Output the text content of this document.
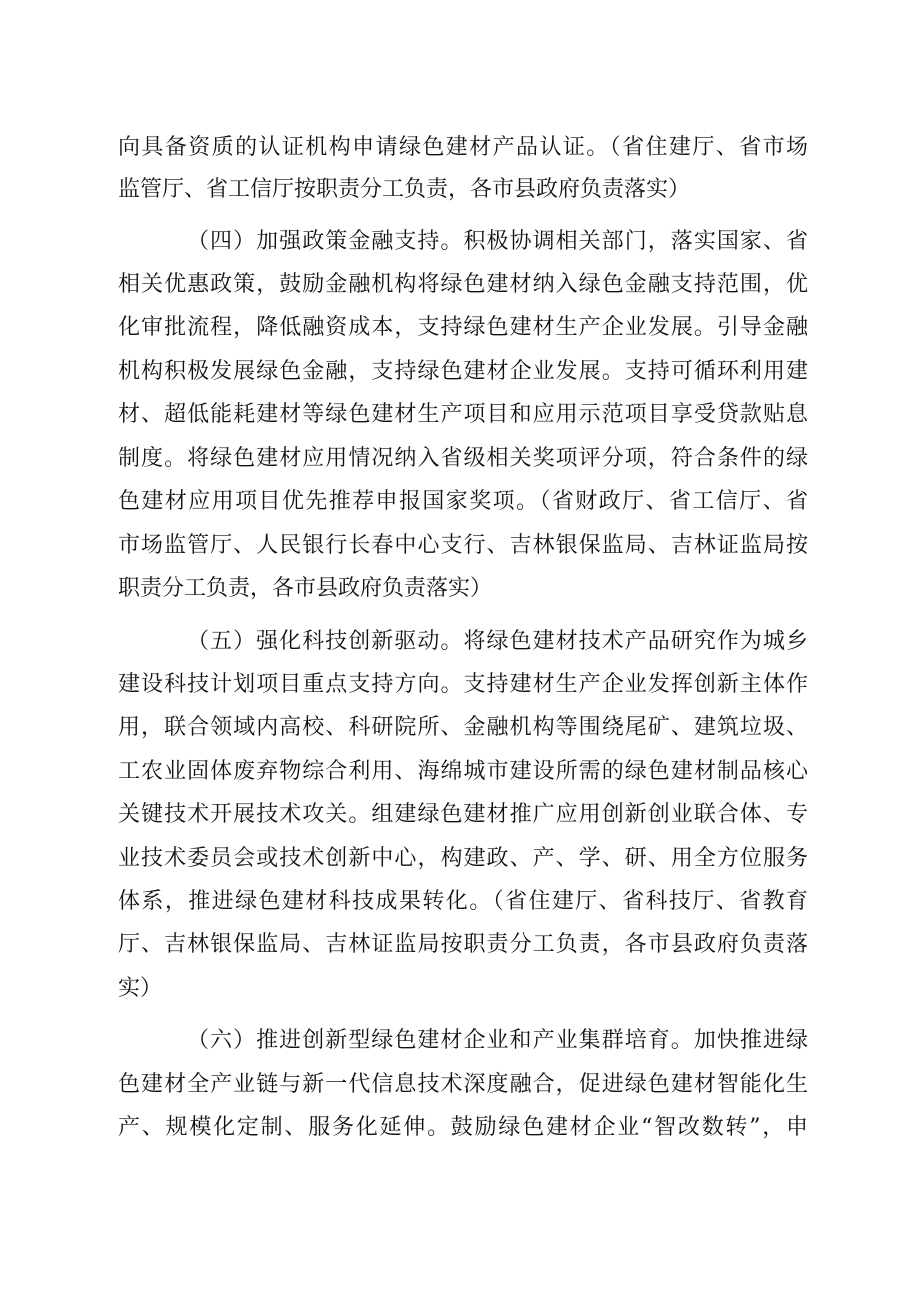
向具备资质的认证机构申请绿色建材产品认证。（省住建厅、省市场
监管厅、省工信厅按职责分工负责，各市县政府负责落实）
（四）加强政策金融支持。积极协调相关部门，落实国家、省
相关优惠政策，鼓励金融机构将绿色建材纳入绿色金融支持范围，优
化审批流程，降低融资成本，支持绿色建材生产企业发展。引导金融
机构积极发展绿色金融，支持绿色建材企业发展。支持可循环利用建
材、超低能耗建材等绿色建材生产项目和应用示范项目享受贷款贴息
制度。将绿色建材应用情况纳入省级相关奖项评分项，符合条件的绿
色建材应用项目优先推荐申报国家奖项。（省财政厅、省工信厅、省
市场监管厅、人民银行长春中心支行、吉林银保监局、吉林证监局按
职责分工负责，各市县政府负责落实）
（五）强化科技创新驱动。将绿色建材技术产品研究作为城乡
建设科技计划项目重点支持方向。支持建材生产企业发挥创新主体作
用，联合领域内高校、科研院所、金融机构等围绕尾矿、建筑垃圾、
工农业固体废弃物综合利用、海绵城市建设所需的绿色建材制品核心
关键技术开展技术攻关。组建绿色建材推广应用创新创业联合体、专
业技术委员会或技术创新中心，构建政、产、学、研、用全方位服务
体系，推进绿色建材科技成果转化。（省住建厅、省科技厅、省教育
厅、吉林银保监局、吉林证监局按职责分工负责，各市县政府负责落
实）
（六）推进创新型绿色建材企业和产业集群培育。加快推进绿
色建材全产业链与新一代信息技术深度融合，促进绿色建材智能化生
产、规模化定制、服务化延伸。鼓励绿色建材企业“智改数转”，申
